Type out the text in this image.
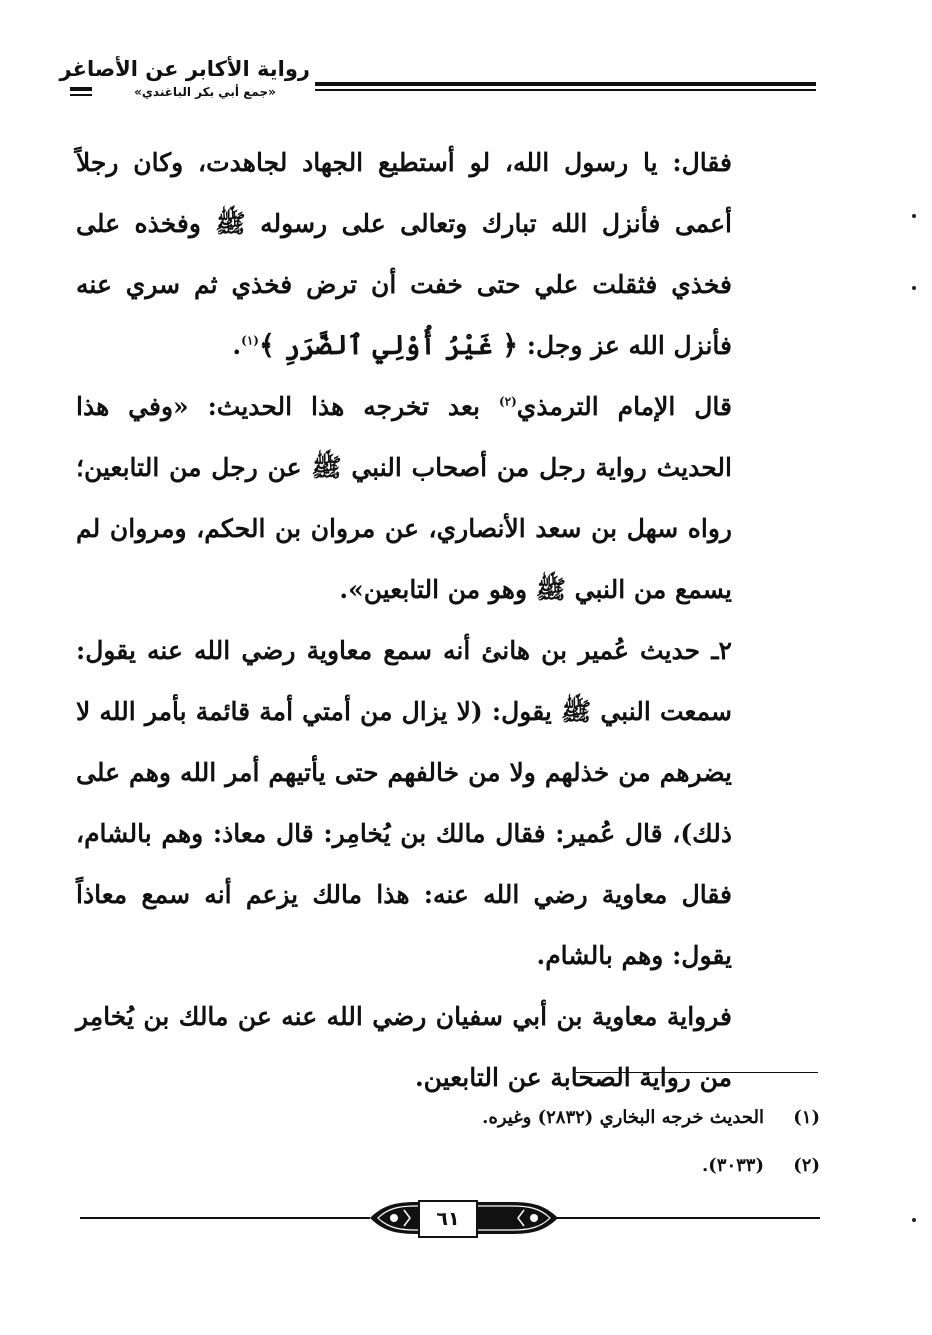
رواية الأكابر عن الأصاغر
«جمع أبي بكر الباغندي»

فقال: يا رسول الله، لو أستطيع الجهاد لجاهدت، وكان رجلاً أعمى فأنزل الله تبارك وتعالى على رسوله ﷺ وفخذه على فخذي فثقلت علي حتى خفت أن ترض فخذي ثم سري عنه فأنزل الله عز وجل: ﴿ غَيْرُ أُوْلِي ٱلضَّرَرِ ﴾$^{(١)}$.

قال الإمام الترمذي$^{(٢)}$ بعد تخرجه هذا الحديث: «وفي هذا الحديث رواية رجل من أصحاب النبي ﷺ عن رجل من التابعين؛ رواه سهل بن سعد الأنصاري، عن مروان بن الحكم، ومروان لم يسمع من النبي ﷺ وهو من التابعين».

٢ـ حديث عُمير بن هانئ أنه سمع معاوية رضي الله عنه يقول: سمعت النبي ﷺ يقول: (لا يزال من أمتي أمة قائمة بأمر الله لا يضرهم من خذلهم ولا من خالفهم حتى يأتيهم أمر الله وهم على ذلك)، قال عُمير: فقال مالك بن يُخامِر: قال معاذ: وهم بالشام، فقال معاوية رضي الله عنه: هذا مالك يزعم أنه سمع معاذاً يقول: وهم بالشام.

فرواية معاوية بن أبي سفيان رضي الله عنه عن مالك بن يُخامِر من رواية الصحابة عن التابعين.

(١)
الحديث خرجه البخاري (٢٨٣٢) وغيره.
(٢)
(٣٠٣٣).
٦١
